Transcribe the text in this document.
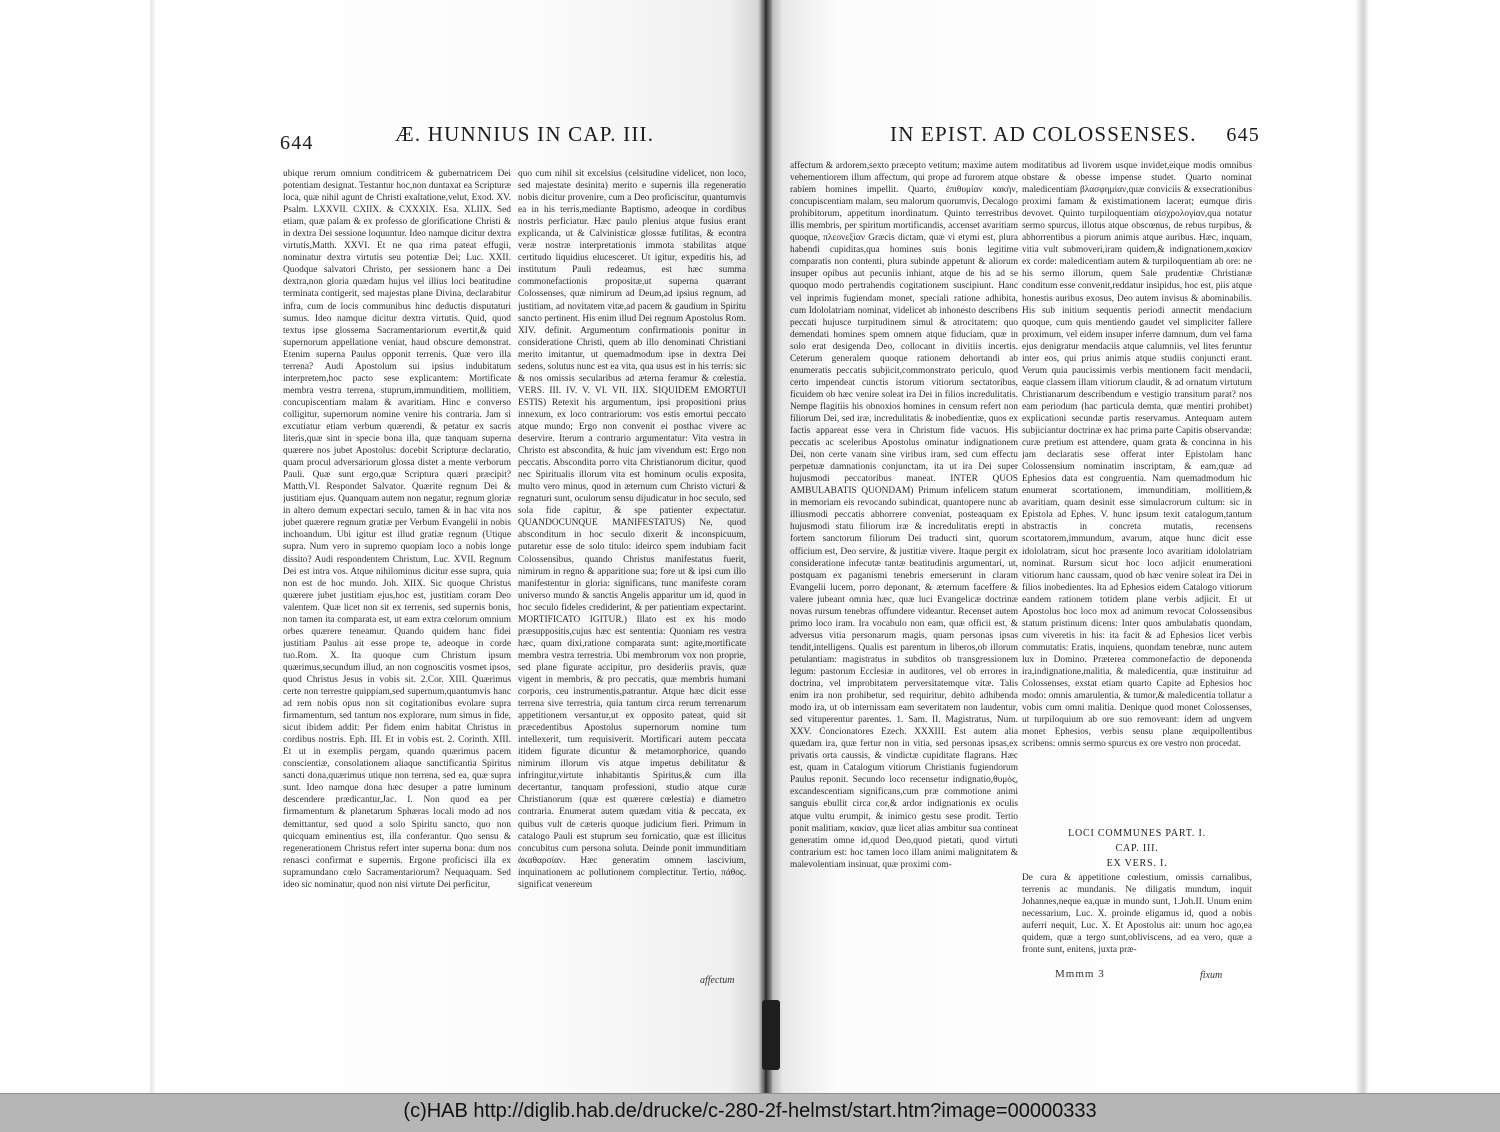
644	Æ. HUNNIUS IN CAP. III.	IN EPIST. AD COLOSSENSES. 645

ubique rerum omnium conditricem & gubernatricem Dei potentiam designat. Testantur hoc,non duntaxat ea Scripturæ loca, quæ nihil agunt de Christi exaltatione,velut, Exod. XV. Psalm. LXXVII. CXIIX. & CXXXIX. Esa. XLIIX. Sed etiam, quæ palam & ex professo de glorificatione Christi & in dextra Dei sessione loquuntur. Ideo namque dicitur dextra virtutis,Matth. XXVI. Et ne qua rima pateat effugii, nominatur dextra virtutis seu potentiæ Dei; Luc. XXII. Quodque salvatori Christo, per sessionem hanc a Dei dextra,non gloria quædam hujus vel illius loci beatitudine terminata contigerit, sed majestas plane Divina, declarabitur infra, cum de locis communibus hinc deductis disputaturi sumus. Ideo namque dicitur dextra virtutis. Quid, quod textus ipse glossema Sacramentariorum evertit,& quid supernorum appellatione veniat, haud obscure demonstrat. Etenim superna Paulus opponit terrenis. Quæ vero illa terrena? Audi Apostolum sui ipsius indubitatum interpretem,hoc pacto sese explicantem: Mortificate membra vestra terrena, stuprum,immunditiem, mollitiem, concupiscentiam malam & avaritiam. Hinc e converso colligitur, supernorum nomine venire his contraria. Jam si excutiatur etiam verbum quærendi, & petatur ex sacris literis,quæ sint in specie bona illa, quæ tanquam superna quærere nos jubet Apostolus: docebit Scripturæ declaratio, quam procul adversariorum glossa distet a mente verborum Pauli. Quæ sunt ergo,quæ Scriptura quæri præcipit? Matth.VI. Respondet Salvator. Quærite regnum Dei & justitiam ejus. Quanquam autem non negatur, regnum gloriæ in altero demum expectari seculo, tamen & in hac vita nos jubet quærere regnum gratiæ per Verbum Evangelii in nobis inchoandum. Ubi igitur est illud gratiæ regnum (Utique supra. Num vero in supremo quopiam loco a nobis longe dissito? Audi respondentem Christum, Luc. XVII. Regnum Dei est intra vos. Atque nihilominus dicitur esse supra, quia non est de hoc mundo. Joh. XIIX. Sic quoque Christus quærere jubet justitiam ejus,hoc est, justitiam coram Deo valentem. Quæ licet non sit ex terrenis, sed supernis bonis, non tamen ita comparata est, ut eam extra cœlorum omnium orbes quærere teneamur. Quando quidem hanc fidei justitiam Paulus ait esse prope te, adeoque in corde tuo.Rom. X. Ita quoque cum Christum ipsum quærimus,secundum illud, an non cognoscitis vosmet ipsos, quod Christus Jesus in vobis sit. 2.Cor. XIII. Quærimus certe non terrestre quippiam,sed supernum,quantumvis hanc ad rem nobis opus non sit cogitationibus evolare supra firmamentum, sed tantum nos explorare, num simus in fide, sicut ibidem addit: Per fidem enim habitat Christus in cordibus nostris. Eph. III. Et in vobis est. 2. Corinth. XIII. Et ut in exemplis pergam, quando quærimus pacem conscientiæ, consolationem aliaque sanctificantia Spiritus sancti dona,quærimus utique non terrena, sed ea, quæ supra sunt. Ideo namque dona hæc desuper a patre luminum descendere prædicantur,Jac. I. Non quod ea per firmamentum & planetarum Sphæras locali modo ad nos demittantur, sed quod a solo Spiritu sancto, quo non quicquam eminentius est, illa conferantur. Quo sensu & regenerationem Christus refert inter superna bona: dum nos renasci confirmat e supernis. Ergone proficisci illa ex supramundano cœlo Sacramentariorum? Nequaquam. Sed ideo sic nominatur, quod non nisi virtute Dei perficitur,

quo cum nihil sit excelsius (celsitudine videlicet, non loco, sed majestate desinita) merito e supernis illa regeneratio nobis dicitur provenire, cum a Deo proficiscitur, quantumvis ea in his terris,mediante Baptismo, adeoque in cordibus nostris perficiatur. Hæc paulo plenius atque fusius erant explicanda, ut & Calvinisticæ glossæ futilitas, & econtra veræ nostræ interpretationis immota stabilitas atque certitudo liquidius elucesceret. Ut igitur, expeditis his, ad institutum Pauli redeamus, est hæc summa commonefactionis propositæ,ut superna quærant Colossenses, quæ nimirum ad Deum,ad ipsius regnum, ad justitiam, ad novitatem vitæ,ad pacem & gaudium in Spiritu sancto pertinent. His enim illud Dei regnum Apostolus Rom. XIV. definit. Argumentum confirmationis ponitur in consideratione Christi, quem ab illo denominati Christiani merito imitantur, ut quemadmodum ipse in dextra Dei sedens, solutus nunc est ea vita, qua usus est in his terris: sic & nos omissis secularibus ad æterna feramur & cœlestia. VERS. III. IV. V. VI. VII. IIX. SIQUIDEM EMORTUI ESTIS) Retexit his argumentum, ipsi propositioni prius innexum, ex loco contrariorum: vos estis emortui peccato atque mundo; Ergo non convenit ei posthac vivere ac deservire. Iterum a contrario argumentatur: Vita vestra in Christo est abscondita, & huic jam vivendum est: Ergo non peccatis. Abscondita porro vita Christianorum dicitur, quod nec Spiritualis illorum vita est hominum oculis exposita, multo vero minus, quod in æternum cum Christo victuri & regnaturi sunt, oculorum sensu dijudicatur in hoc seculo, sed sola fide capitur, & spe patienter expectatur. QUANDOCUNQUE MANIFESTATUS) Ne, quod absconditum in hoc seculo dixerit & inconspicuum, putaretur esse de solo titulo: ideirco spem indubiam facit Colossensibus, quando Christus manifestatus fuerit, nimirum in regno & apparitione sua; fore ut & ipsi cum illo manifestentur in gloria: significans, tunc manifeste coram universo mundo & sanctis Angelis apparitur um id, quod in hoc seculo fideles crediderint, & per patientiam expectarint. MORTIFICATO IGITUR.) Illato est ex his modo præsuppositis,cujus hæc est sententia: Quoniam res vestra hæc, quam dixi,ratione comparata sunt: agite,mortificate membra vestra terrestria. Ubi membrorum vox non proprie, sed plane figurate accipitur, pro desideriis pravis, quæ vigent in membris, & pro peccatis, quæ membris humani corporis, ceu instrumentis,patrantur. Atque hæc dicit esse terrena sive terrestria, quia tantum circa rerum terrenarum appetitionem versantur,ut ex opposito pateat, quid sit præcedentibus Apostolus supernorum nomine tum intellexerit, tum requisiverit. Mortificari autem peccata itidem figurate dicuntur & metamorphorice, quando nimirum illorum vis atque impetus debilitatur & infringitur,virtute inhabitantis Spiritus,& cum illa decertantur, tanquam professioni, studio atque curæ Christianorum (quæ est quærere cœlestia) e diametro contraria. Enumerat autem quædam vitia & peccata, ex quibus vult de cæteris quoque judicium fieri. Primum in catalogo Pauli est stuprum seu fornicatio, quæ est illicitus concubitus cum persona soluta. Deinde ponit immunditiam ἀκαθαρσίαν. Hæc generatim omnem lascivium, inquinationem ac pollutionem complectitur. Tertio, πάθος. significat venereum

affectum

affectum & ardorem,sexto præcepto vetitum; maxime autem vehementiorem illum affectum, qui prope ad furorem atque rabiem homines impellit. Quarto, ἐπιθυμίαν κακὴν, concupiscentiam malam, seu malorum quorumvis, Decalogo prohibitorum, appetitum inordinatum. Quinto terrestribus illis membris, per spiritum mortificandis, accenset avaritiam quoque, πλεονεξίαν Græcis dictam, quæ vi etymi est, plura habendi cupiditas,qua homines suis bonis legitime comparatis non contenti, plura subinde appetunt & aliorum insuper opibus aut pecuniis inhiant, atque de his ad se quoquo modo pertrahendis cogitationem suscipiunt. Hanc vel inprimis fugiendam monet, speciali ratione adhibita, cum Idololatriam nominat, videlicet ab inhonesto describens peccati hujusce turpitudinem simul & atrocitatem: quo demendati homines spem omnem atque fiduciam, quæ in solo erat desigenda Deo, collocant in divitiis incertis. Ceterum generalem quoque rationem dehortandi ab enumeratis peccatis subjicit,commonstrato periculo, quod certo impendeat cunctis istorum vitiorum sectatoribus, ficuidem ob hæc venire soleat ira Dei in filios incredulitatis. Nempe flagitiis his obnoxios homines in censum refert non filiorum Dei, sed iræ, incredulitatis & inobedientiæ, quos ex factis appareat esse vera in Christum fide vacuos. His peccatis ac sceleribus Apostolus ominatur indignationem Dei, non certe vanam sine viribus iram, sed cum effectu perpetuæ damnationis conjunctam, ita ut ira Dei super hujusmodi peccatoribus maneat. INTER QUOS AMBULABATIS QUONDAM) Primum infelicem statum in memoriam eis revocando subindicat, quantopere nunc ab illiusmodi peccatis abhorrere conveniat, posteaquam ex hujusmodi statu filiorum iræ & incredulitatis erepti in fortem sanctorum filiorum Dei traducti sint, quorum officium est, Deo servire, & justitiæ vivere. Itaque pergit ex consideratione infecutæ tantæ beatitudinis argumentari, ut, postquam ex paganismi tenebris emerserunt in claram Evangelii lucem, porro deponant, & æternum faceffere & valere jubeant omnia hæc, quæ luci Evangelicæ doctrinæ novas rursum tenebras offundere videantur. Recenset autem primo loco iram. Ira vocabulo non eam, quæ officii est, & adversus vitia personarum magis, quam personas ipsas tendit,intelligens. Qualis est parentum in liberos,ob illorum petulantiam: magistratus in subditos ob transgressionem legum: pastorum Ecclesiæ in auditores, vel ob errores in doctrina, vel improbitatem perversitatemque vitæ. Talis enim ira non prohibetur, sed requiritur, debito adhibenda modo ira, ut ob internissam eam severitatem non laudentur, sed vituperentur parentes. 1. Sam. II. Magistratus, Num. XXV. Concionatores Ezech. XXXIII. Est autem alia quædam ira, quæ fertur non in vitia, sed personas ipsas,ex privatis orta caussis, & vindictæ cupiditate flagrans. Hæc est, quam in Catalogum vitiorum Christianis fugiendorum Paulus reponit. Secundo loco recensetur indignatio,θυμὸς, excandescentiam significans,cum præ commotione animi sanguis ebullit circa cor,& ardor indignationis ex oculis atque vultu erumpit, & inimico gestu sese prodit. Tertio ponit malitiam, κακίαν, quæ licet alias ambitur sua contineat generatim omne id,quod Deo,quod pietati, quod virtuti contrarium est: hoc tamen loco illam animi malignitatem & malevolentiam insinuat, quæ proximi com-

moditatibus ad livorem usque invidet,eique modis omnibus obstare & obesse impense studet. Quarto nominat maledicentiam βλασφημίαν,quæ conviciis & exsecrationibus proximi famam & existimationem lacerat; eumque diris devovet. Quinto turpiloquentiam αἰσχρολογίαν,qua notatur sermo spurcus, illotus atque obscœnus, de rebus turpibus, & abhorrentibus a piorum animis atque auribus. Hæc, inquam, vitia vult submoveri,iram quidem,& indignationem,κακίαν ex corde: maledicentiam autem & turpiloquentiam ab ore: ne his sermo illorum, quem Sale prudentiæ Christianæ conditum esse convenit,reddatur insipidus, hoc est, piis atque honestis auribus exosus, Deo autem invisus & abominabilis. His sub initium sequentis periodi annectit mendacium quoque, cum quis mentiendo gaudet vel simpliciter fallere proximum, vel eidem insuper inferre damnum, dum vel fama ejus denigratur mendaciis atque calumniis, vel lites feruntur inter eos, qui prius animis atque studiis conjuncti erant. Verum quia paucissimis verbis mentionem facit mendacii, eaque classem illam vitiorum claudit, & ad ornatum virtutum Christianarum describendum e vestigio transitum parat? nos eam periodum (hac particula demta, quæ mentiri prohibet) explicationi secundæ partis reservamus. Antequam autem subjiciantur doctrinæ ex hac prima parte Capitis observandæ: curæ pretium est attendere, quam grata & concinna in his jam declaratis sese offerat inter Epistolam hanc Colossensium nominatim inscriptam, & eam,quæ ad Ephesios data est congruentia. Nam quemadmodum hic enumerat scortationem, immunditiam, mollitiem,& avaritiam, quam desinit esse simulacrorum cultum: sic in Epistola ad Ephes. V. hunc ipsum texit catalogum,tantum abstractis in concreta mutatis, recensens scortatorem,immundum, avarum, atque hunc dicit esse idololatram, sicut hoc præsente loco avaritiam idololatriam nominat. Rursum sicut hoc loco adjicit enumerationi vitiorum hanc caussam, quod ob hæc venire soleat ira Dei in filios inobedientes. Ita ad Ephesios eidem Catalogo vitiorum eandem rationem totidem plane verbis adjicit. Et ut Apostolus hoc loco mox ad animum revocat Colossensibus statum pristinum dicens: Inter quos ambulabatis quondam, cum viveretis in his: ita facit & ad Ephesios licet verbis commutatis: Eratis, inquiens, quondam tenebræ, nunc autem lux in Domino. Præterea commonefactio de deponenda ira,indignatione,malitia, & maledicentia, quæ instituitur ad Colossenses, exstat etiam quarto Capite ad Ephesios hoc modo: omnis amarulentia, & tumor,& maledicentia tollatur a vobis cum omni malitia. Denique quod monet Colossenses, ut turpiloquium ab ore suo removeant: idem ad ungvem monet Ephesios, verbis sensu plane æquipollentibus scribens: omnis sermo spurcus ex ore vestro non procedat.

LOCI COMMUNES PART. I.
CAP. III.
EX VERS. I.

De cura & appetitione cœlestium, omissis carnalibus, terrenis ac mundanis. Ne diligatis mundum, inquit Johannes,neque ea,quæ in mundo sunt, 1.Joh.II. Unum enim necessarium, Luc. X. proinde eligamus id, quod a nobis auferri nequit, Luc. X. Et Apostolus ait: unum hoc ago,ea quidem, quæ a tergo sunt,obliviscens, ad ea vero, quæ a fronte sunt, enitens, juxta præ-

Mmmm 3	fixum
(c)HAB http://diglib.hab.de/drucke/c-280-2f-helmst/start.htm?image=00000333
